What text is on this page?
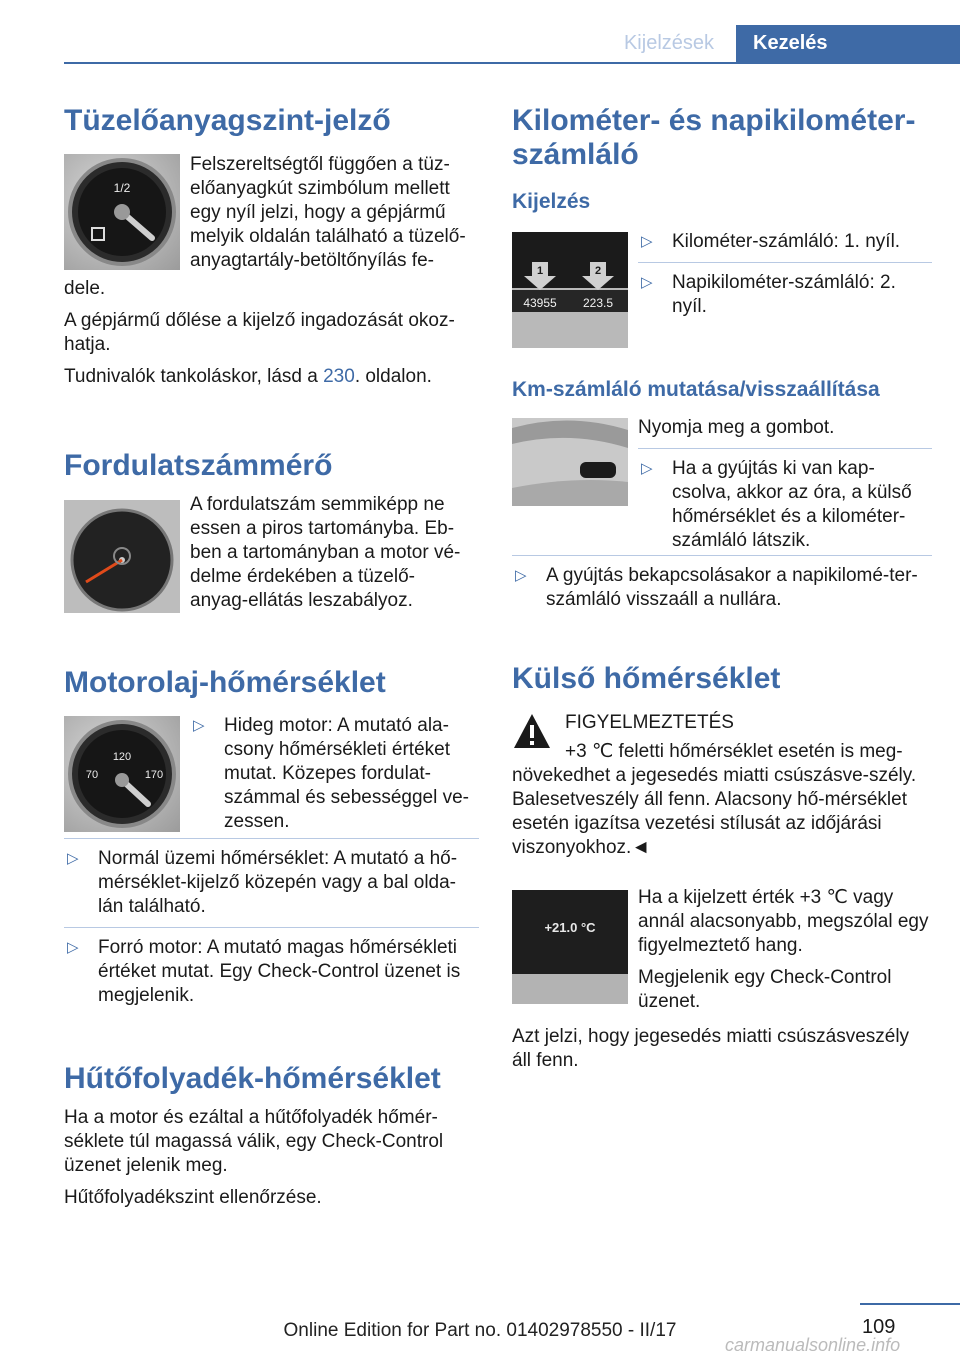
Kijelzések	Kezelés
Tüzelőanyagszint-jelző
1/2

Felszereltségtől függően a tüz-

előanyagkút szimbólum mellett

egy nyíl jelzi, hogy a gépjármű

melyik oldalán található a tüzelő-

anyagtartály-betöltőnyílás fe-

dele.

A gépjármű dőlése a kijelző ingadozását okoz-hatja.

Tudnivalók tankoláskor, lásd a 230. oldalon.

Fordulatszámmérő

A fordulatszám semmiképp ne

essen a piros tartományba. Eb-

ben a tartományban a motor vé-

delme érdekében a tüzelő-

anyag-ellátás leszabályoz.

Motorolaj-hőmérséklet
120
70	170
▷ Hideg motor: A mutató ala-csony hőmérsékleti értéket mutat. Közepes fordulat-számmal és sebességgel ve-zessen.
▷ Normál üzemi hőmérséklet: A mutató a hő-mérséklet-kijelző közepén vagy a bal olda-lán található.
▷ Forró motor: A mutató magas hőmérsékleti értéket mutat. Egy Check-Control üzenet is megjelenik.
Hűtőfolyadék-hőmérséklet

Ha a motor és ezáltal a hűtőfolyadék hőmér-séklete túl magassá válik, egy Check-Control üzenet jelenik meg.

Hűtőfolyadékszint ellenőrzése.

Kilométer- és napikilométer-
számláló
Kijelzés
1	2
43955 223.5
▷ Kilométer-számláló: 1. nyíl.
▷ Napikilométer-számláló: 2. nyíl.
Km-számláló mutatása/visszaállítása

Nyomja meg a gombot.

▷ Ha a gyújtás ki van kap-csolva, akkor az óra, a külső hőmérséklet és a kilométer-számláló látszik.
▷ A gyújtás bekapcsolásakor a napikilomé-ter-számláló visszaáll a nullára.
Külső hőmérséklet

FIGYELMEZTETÉS

+3 ℃ feletti hőmérséklet esetén is meg-növekedhet a jegesedés miatti csúszásve-szély. Balesetveszély áll fenn. Alacsony hő-mérséklet esetén igazítsa vezetési stílusát az időjárási viszonyokhoz.◄

+21.0 °C

Ha a kijelzett érték +3 ℃ vagy annál alacsonyabb, megszólal egy figyelmeztető hang.

Megjelenik egy Check-Control üzenet.

Azt jelzi, hogy jegesedés miatti csúszásveszély áll fenn.

109
Online Edition for Part no. 01402978550 - II/17
carmanualsonline.info
